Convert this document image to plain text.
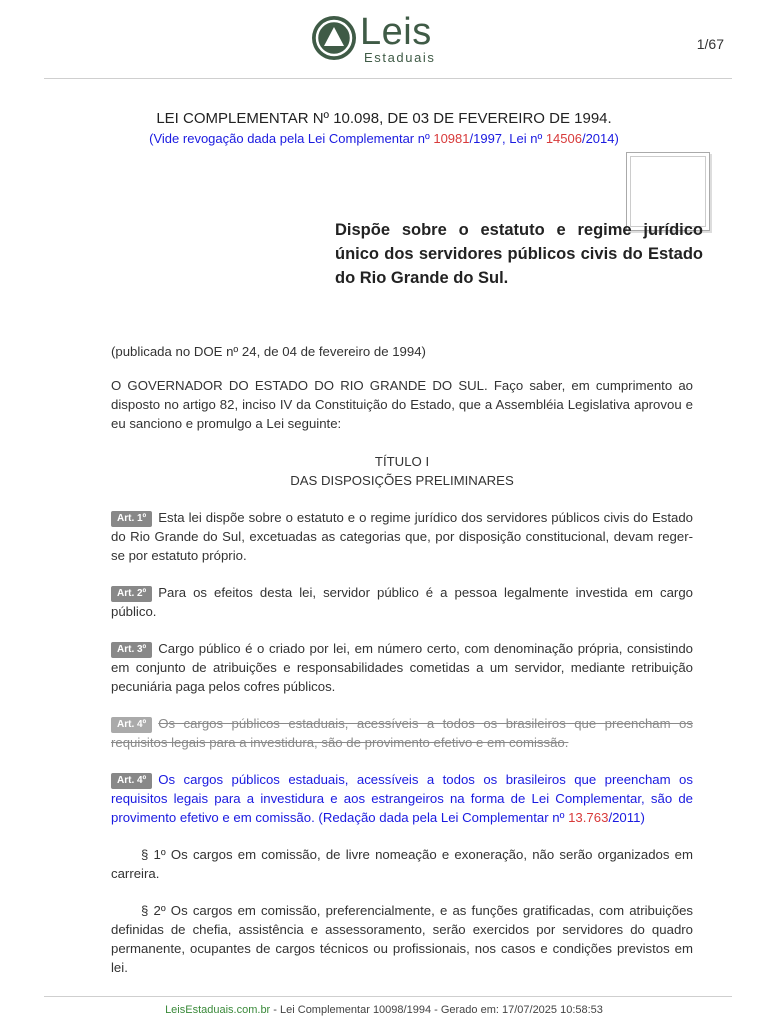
Leis
Estaduais
1/67
LEI COMPLEMENTAR Nº 10.098, DE 03 DE FEVEREIRO DE 1994.
(Vide revogação dada pela Lei Complementar nº 10981/1997, Lei nº 14506/2014)
Dispõe sobre o estatuto e regime jurídico único dos servidores públicos civis do Estado do Rio Grande do Sul.
(publicada no DOE nº 24, de 04 de fevereiro de 1994)
O GOVERNADOR DO ESTADO DO RIO GRANDE DO SUL. Faço saber, em cumprimento ao disposto no artigo 82, inciso IV da Constituição do Estado, que a Assembléia Legislativa aprovou e eu sanciono e promulgo a Lei seguinte:
TÍTULO I
DAS DISPOSIÇÕES PRELIMINARES
Art. 1º Esta lei dispõe sobre o estatuto e o regime jurídico dos servidores públicos civis do Estado do Rio Grande do Sul, excetuadas as categorias que, por disposição constitucional, devam reger-se por estatuto próprio.
Art. 2º Para os efeitos desta lei, servidor público é a pessoa legalmente investida em cargo público.
Art. 3º Cargo público é o criado por lei, em número certo, com denominação própria, consistindo em conjunto de atribuições e responsabilidades cometidas a um servidor, mediante retribuição pecuniária paga pelos cofres públicos.
Art. 4º Os cargos públicos estaduais, acessíveis a todos os brasileiros que preencham os requisitos legais para a investidura, são de provimento efetivo e em comissão.
Art. 4º Os cargos públicos estaduais, acessíveis a todos os brasileiros que preencham os requisitos legais para a investidura e aos estrangeiros na forma de Lei Complementar, são de provimento efetivo e em comissão. (Redação dada pela Lei Complementar nº 13.763/2011)
§ 1º Os cargos em comissão, de livre nomeação e exoneração, não serão organizados em carreira.
§ 2º Os cargos em comissão, preferencialmente, e as funções gratificadas, com atribuições definidas de chefia, assistência e assessoramento, serão exercidos por servidores do quadro permanente, ocupantes de cargos técnicos ou profissionais, nos casos e condições previstos em lei.
LeisEstaduais.com.br - Lei Complementar 10098/1994 - Gerado em: 17/07/2025 10:58:53
